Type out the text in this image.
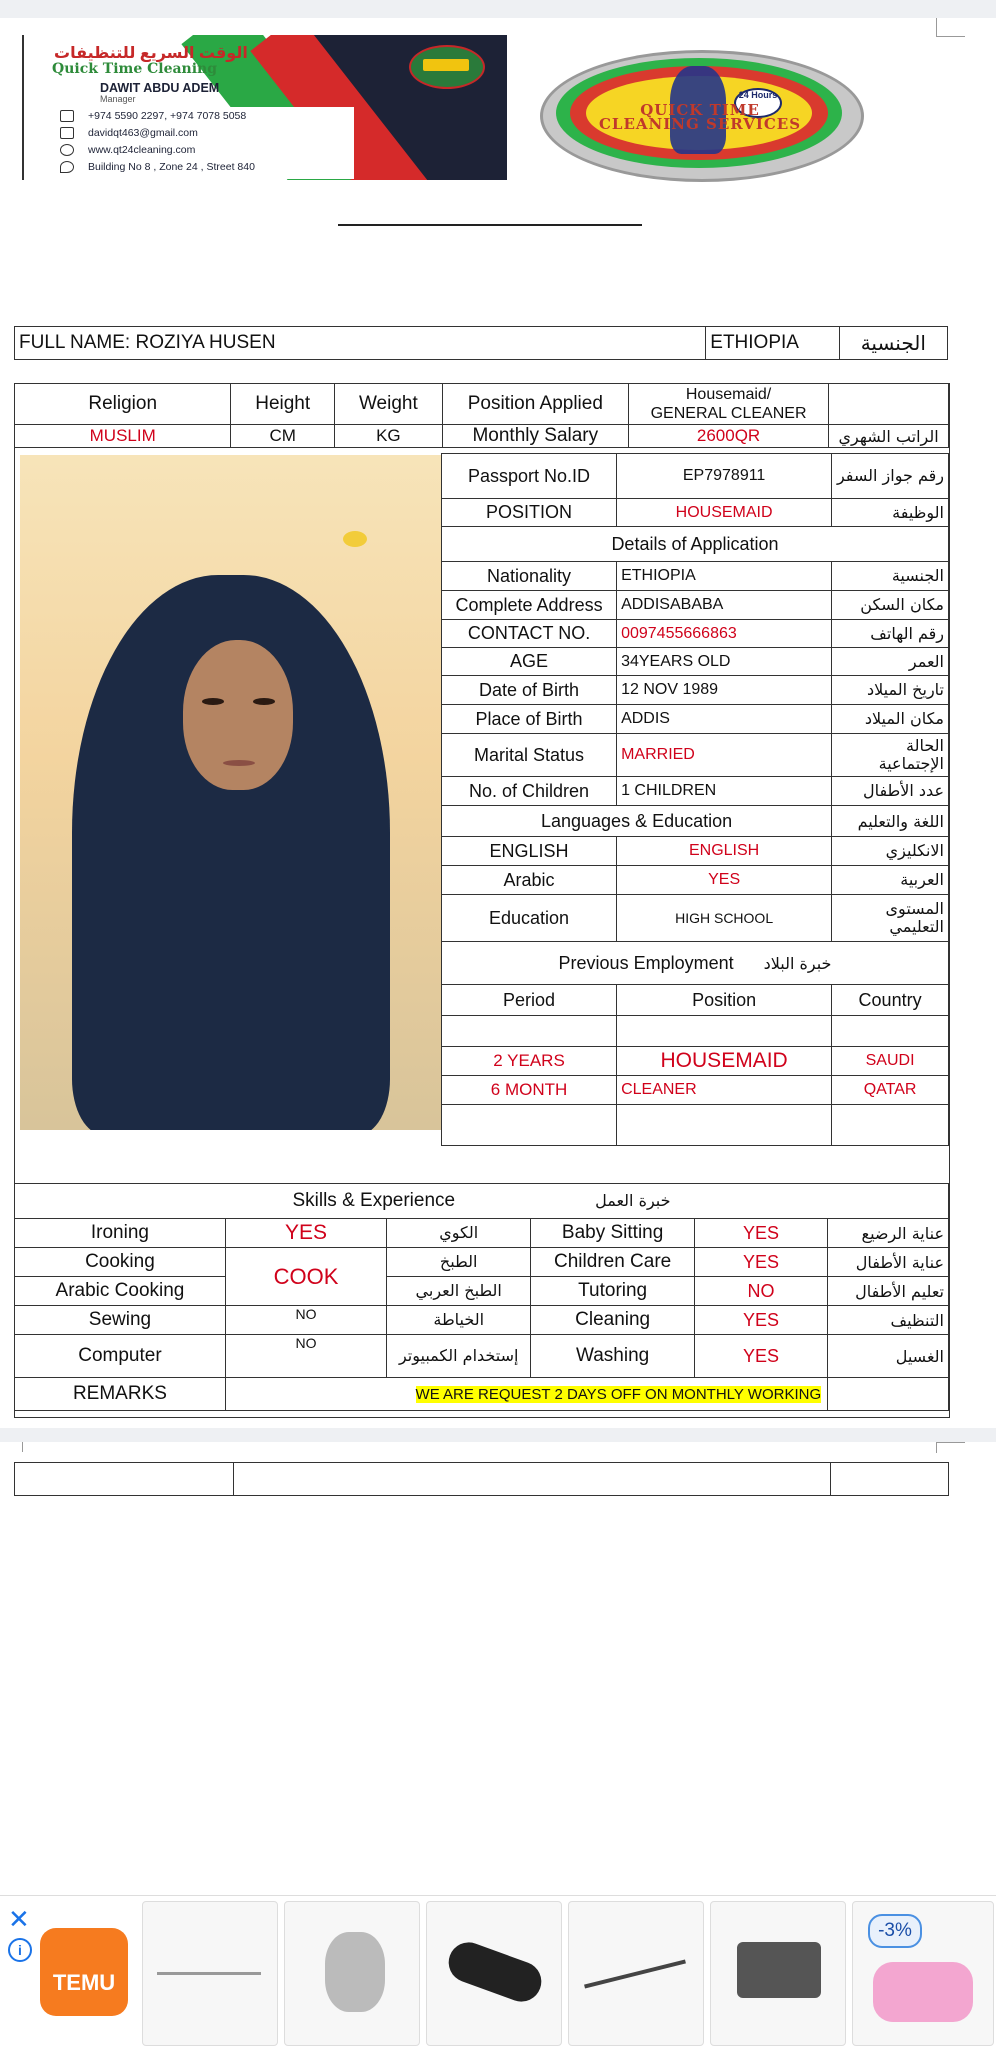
الوقت السريع للتنظيفات
Quick Time Cleaning
DAWIT ABDU ADEM
Manager
+974 5590 2297, +974 7078 5058
davidqt463@gmail.com
www.qt24cleaning.com
Building No 8 , Zone 24 , Street 840
24 Hours
QUICK TIME
CLEANING SERVICES
FULL NAME: ROZIYA HUSEN	ETHIOPIA	الجنسية
Religion	Height	Weight	Position Applied	Housemaid/
GENERAL CLEANER	
MUSLIM	CM	KG	Monthly Salary	2600QR	الراتب الشهري
Passport No.ID	EP7978911	رقم جواز السفر
POSITION	HOUSEMAID	الوظيفة
Details of Application		
Nationality	ETHIOPIA	الجنسية
Complete Address	ADDISABABA	مكان السكن
CONTACT NO.	0097455666863	رقم الهاتف
AGE	34YEARS OLD	العمر
Date of Birth	12 NOV 1989	تاريخ الميلاد
Place of Birth	ADDIS	مكان الميلاد
Marital Status	MARRIED	الحالة الإجتماعية
No. of Children	1 CHILDREN	عدد الأطفال
Languages & Education		اللغة والتعليم
ENGLISH	ENGLISH	الانكليزي
Arabic	YES	العربية
Education	HIGH SCHOOL	المستوى التعليمي
Previous Employment خبرة البلاد		
Period	Position	Country

2 YEARS	HOUSEMAID	SAUDI
6 MONTH	CLEANER	QATAR

Skills & Experience خبرة العمل					
Ironing	YES	الكوي	Baby Sitting	YES	عناية الرضيع
Cooking	COOK	الطبخ	Children Care	YES	عناية الأطفال
Arabic Cooking		الطبخ العربي	Tutoring	NO	تعليم الأطفال
Sewing	NO	الخياطة	Cleaning	YES	التنظيف
Computer	NO	إستخدام الكمبيوتر	Washing	YES	الغسيل
REMARKS	WE ARE REQUEST 2 DAYS OFF ON MONTHLY WORKING				

✕
i
TEMU
-3%
